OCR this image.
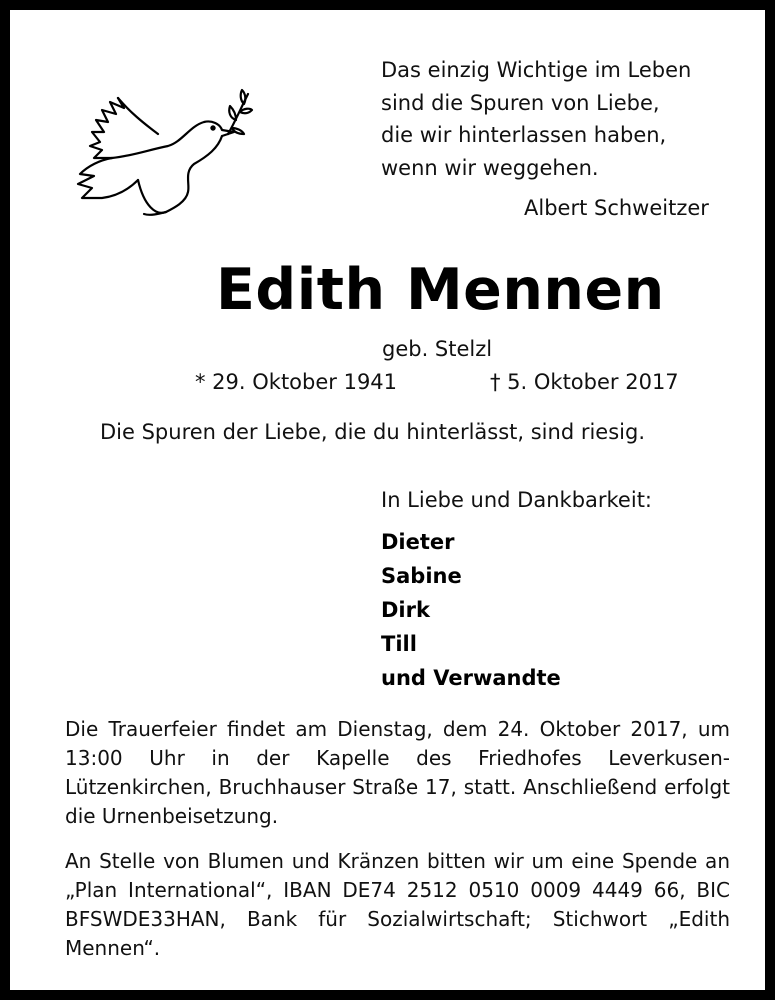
Das einzig Wichtige im Leben
sind die Spuren von Liebe,
die wir hinterlassen haben,
wenn wir weggehen.
Albert Schweitzer
Edith Mennen
geb. Stelzl
* 29. Oktober 1941	† 5. Oktober 2017
Die Spuren der Liebe, die du hinterlässt, sind riesig.
In Liebe und Dankbarkeit:
Dieter
Sabine
Dirk
Till
und Verwandte

Die Trauerfeier findet am Dienstag, dem 24. Oktober 2017, um 13:00 Uhr in der Kapelle des Friedhofes Leverkusen-Lützenkirchen, Bruchhauser Straße 17, statt. Anschließend erfolgt die Urnenbeisetzung.

An Stelle von Blumen und Kränzen bitten wir um eine Spende an „Plan International“, IBAN DE74 2512 0510 0009 4449 66, BIC BFSWDE33HAN, Bank für Sozialwirtschaft; Stichwort „Edith Mennen“.
